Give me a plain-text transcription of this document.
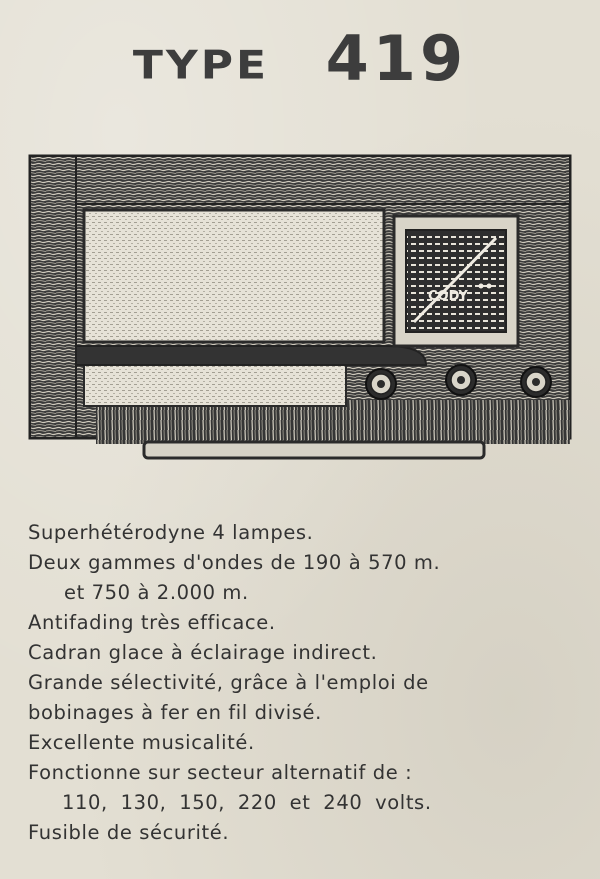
TYPE 419
CODY
Superhétérodyne 4 lampes.
Deux gammes d'ondes de 190 à 570 m.
et 750 à 2.000 m.
Antifading très efficace.
Cadran glace à éclairage indirect.
Grande sélectivité, grâce à l'emploi de
bobinages à fer en fil divisé.
Excellente musicalité.
Fonctionne sur secteur alternatif de :
110, 130, 150, 220 et 240 volts.
Fusible de sécurité.
